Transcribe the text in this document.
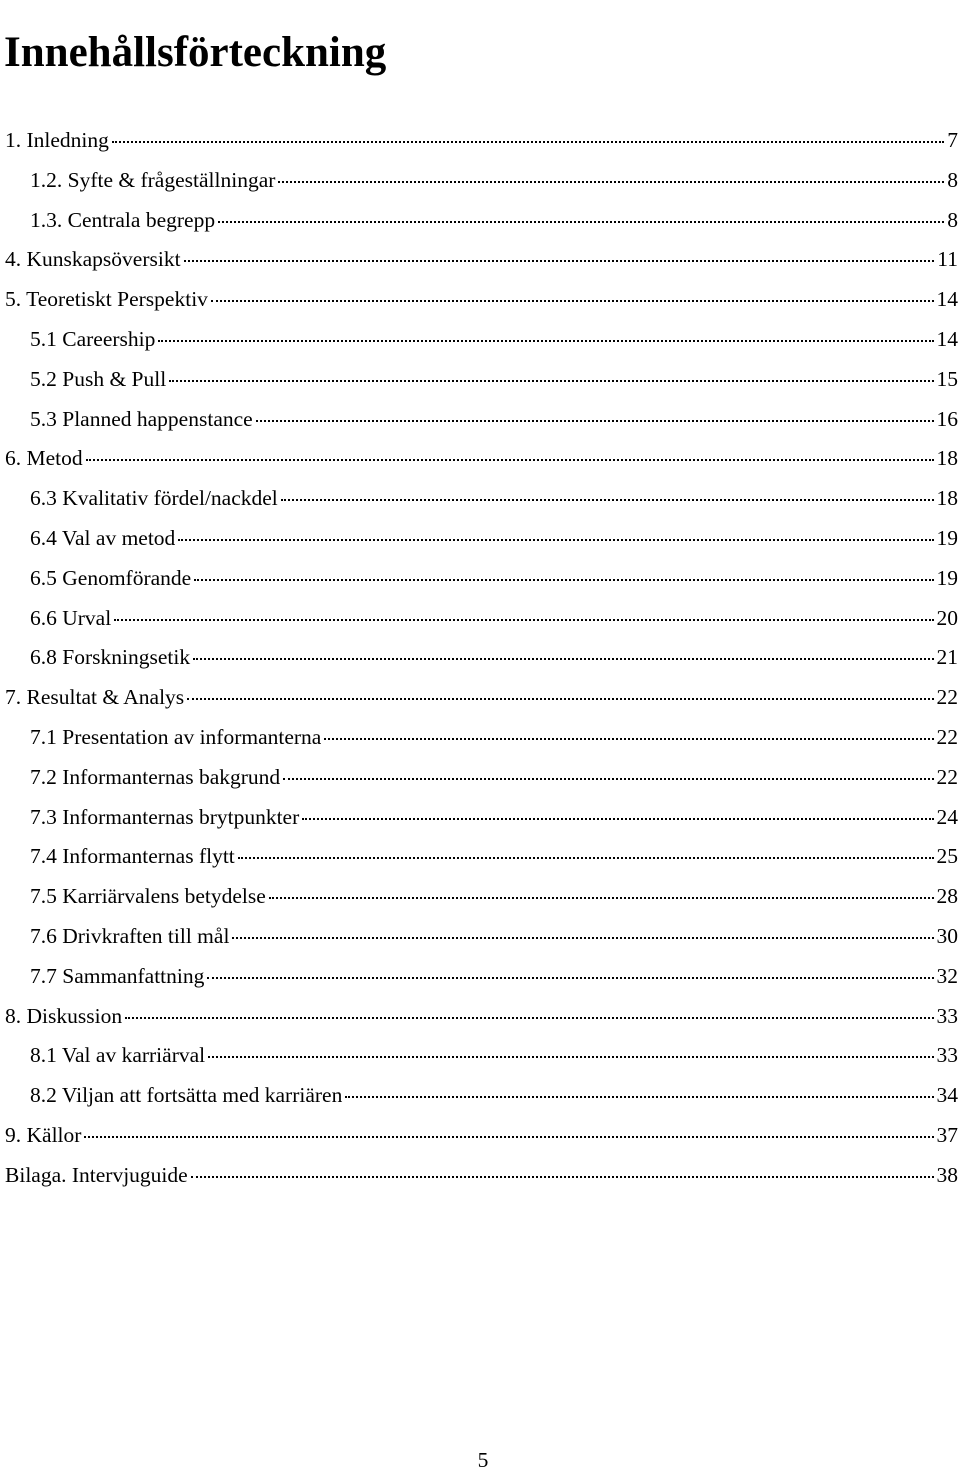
Innehållsförteckning
1. Inledning	7
1.2. Syfte & frågeställningar	8
1.3. Centrala begrepp	8
4. Kunskapsöversikt	11
5. Teoretiskt Perspektiv	14
5.1 Careership	14
5.2 Push & Pull	15
5.3 Planned happenstance	16
6. Metod	18
6.3 Kvalitativ fördel/nackdel	18
6.4 Val av metod	19
6.5 Genomförande	19
6.6 Urval	20
6.8 Forskningsetik	21
7. Resultat & Analys	22
7.1 Presentation av informanterna	22
7.2 Informanternas bakgrund	22
7.3 Informanternas brytpunkter	24
7.4 Informanternas flytt	25
7.5 Karriärvalens betydelse	28
7.6 Drivkraften till mål	30
7.7 Sammanfattning	32
8. Diskussion	33
8.1 Val av karriärval	33
8.2 Viljan att fortsätta med karriären	34
9. Källor	37
Bilaga. Intervjuguide	38
5
